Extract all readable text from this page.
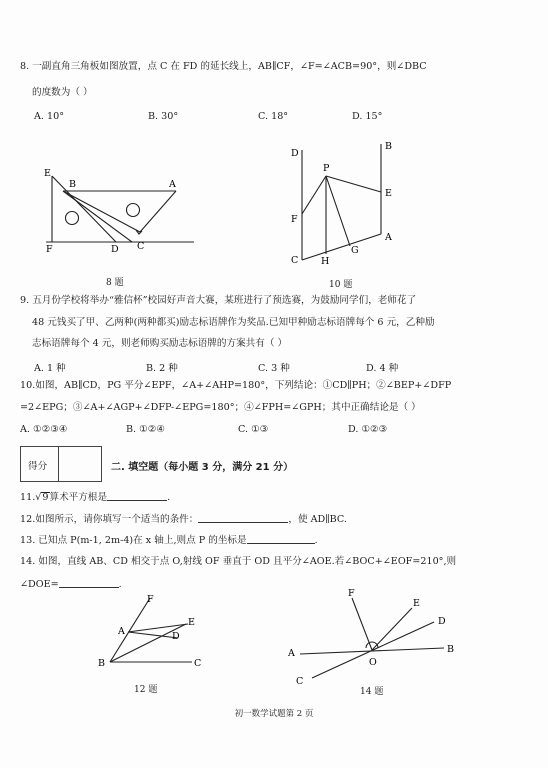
8. 一副直角三角板如图放置，点 C 在 FD 的延长线上，AB∥CF，∠F=∠ACB=90°，则∠DBC
的度数为（ ）
A. 10°	B. 30°	C. 18°	D. 15°
E
B	A
F	D C
8 题
D
P
B
E
F
C H
G
A
10 题
9. 五月份学校将举办“雅信杯”校园好声音大赛，某班进行了预选赛，为鼓励同学们，老师花了
48 元钱买了甲、乙两种(两种都买)励志标语牌作为奖品.已知甲种励志标语牌每个 6 元，乙种励
志标语牌每个 4 元，则老师购买励志标语牌的方案共有（ ）
A. 1 种	B. 2 种	C. 3 种	D. 4 种
10.如图，AB∥CD，PG 平分∠EPF，∠A+∠AHP=180°，下列结论：①CD∥PH；②∠BEP+∠DFP
=2∠EPG；③∠A+∠AGP+∠DFP-∠EPG=180°；④∠FPH=∠GPH；其中正确结论是（ ）
A. ①②③④	B. ①②④	C. ①③	D. ①②③
得分	二. 填空题（每小题 3 分，满分 21 分）
11.√9算术平方根是	.
12.如图所示，请你填写一个适当的条件：	，使 AD∥BC.
13. 已知点 P(m-1, 2m-4)在 x 轴上,则点 P 的坐标是	.
14. 如图，直线 AB、CD 相交于点 O,射线 OF 垂直于 OD 且平分∠AOE.若∠BOC+∠EOF=210°,则
∠DOE=	.
F
E
A	D
B	C
12 题
F
E
D
A	B
O
C
14 题
初一数学试题第 2 页
